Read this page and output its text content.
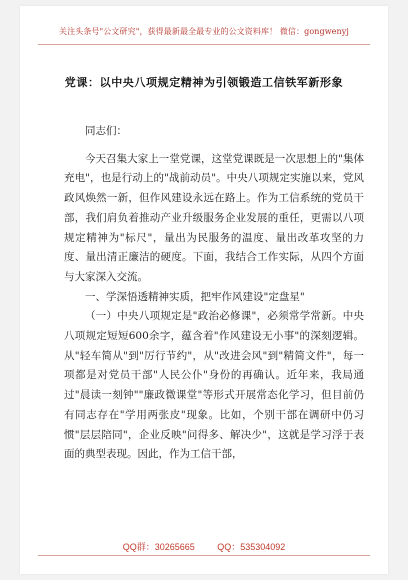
关注头条号"公文研究"，获得最新最全最专业的公文资料库！ 微信：gongwenyj
党课：以中央八项规定精神为引领锻造工信铁军新形象

同志们：

今天召集大家上一堂党课，这堂党课既是一次思想上的"集体充电"，也是行动上的"战前动员"。中央八项规定实施以来，党风政风焕然一新，但作风建设永远在路上。作为工信系统的党员干部，我们肩负着推动产业升级服务企业发展的重任，更需以八项规定精神为"标尺"，量出为民服务的温度、量出改革攻坚的力度、量出清正廉洁的硬度。下面，我结合工作实际，从四个方面与大家深入交流。

一、学深悟透精神实质，把牢作风建设"定盘星"

（一）中央八项规定是"政治必修课"，必须常学常新。中央八项规定短短600余字，蕴含着"作风建设无小事"的深刻逻辑。从"轻车简从"到"厉行节约"，从"改进会风"到"精简文件"，每一项都是对党员干部"人民公仆"身份的再确认。近年来，我局通过"晨读一刻钟""廉政微课堂"等形式开展常态化学习，但目前仍有同志存在"学用两张皮"现象。比如，个别干部在调研中仍习惯"层层陪同"，企业反映"问得多、解决少"，这就是学习浮于表面的典型表现。因此，作为工信干部，

QQ群：30265665	QQ：535304092
